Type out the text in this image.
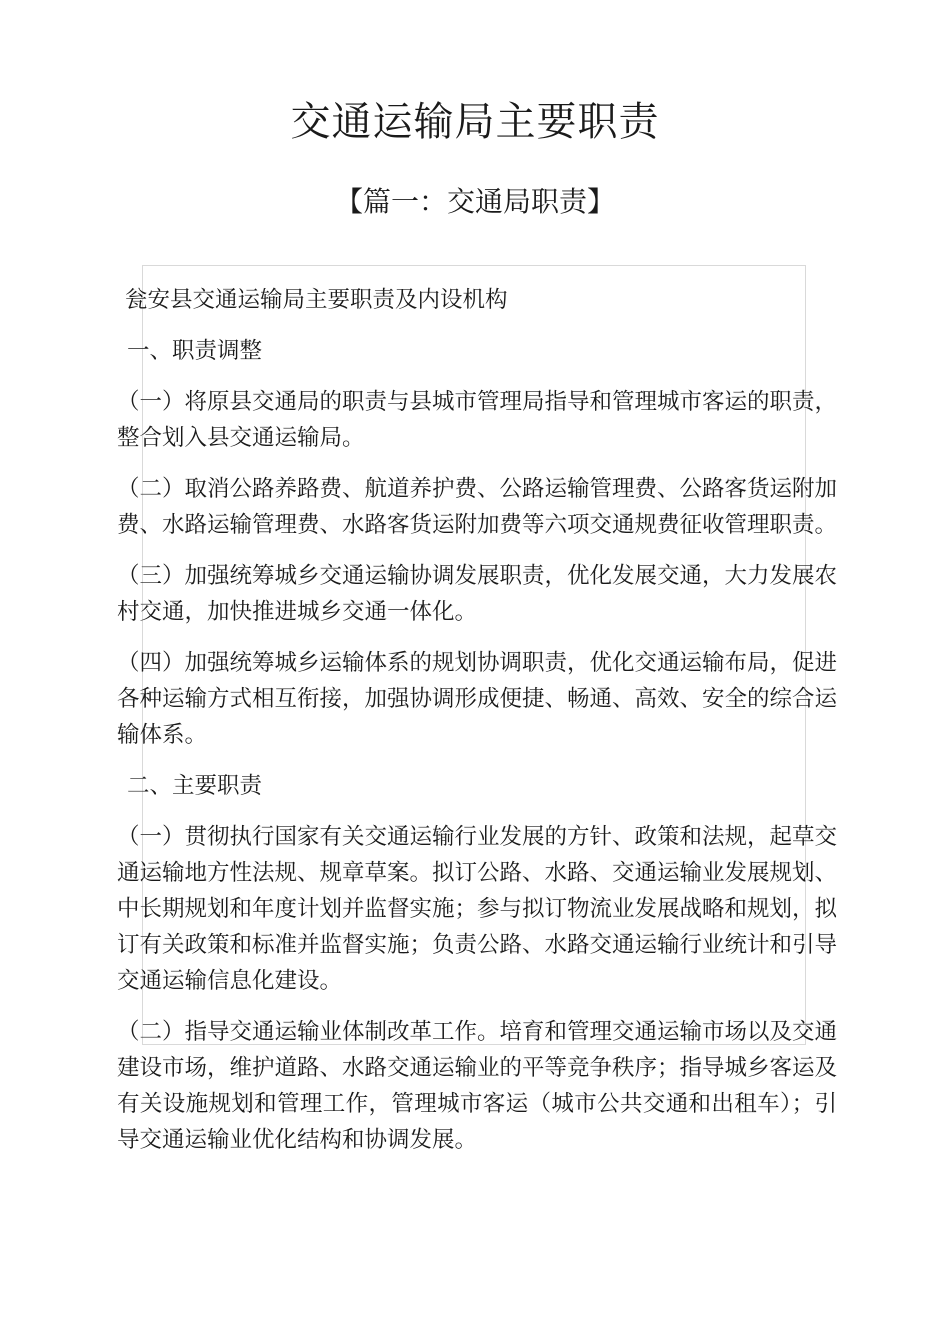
交通运输局主要职责
【篇一：交通局职责】

瓮安县交通运输局主要职责及内设机构

一、职责调整

（一）将原县交通局的职责与县城市管理局指导和管理城市客运的职责，整合划入县交通运输局。

（二）取消公路养路费、航道养护费、公路运输管理费、公路客货运附加费、水路运输管理费、水路客货运附加费等六项交通规费征收管理职责。

（三）加强统筹城乡交通运输协调发展职责，优化发展交通，大力发展农村交通，加快推进城乡交通一体化。

（四）加强统筹城乡运输体系的规划协调职责，优化交通运输布局，促进各种运输方式相互衔接，加强协调形成便捷、畅通、高效、安全的综合运输体系。

二、主要职责

（一）贯彻执行国家有关交通运输行业发展的方针、政策和法规，起草交通运输地方性法规、规章草案。拟订公路、水路、交通运输业发展规划、中长期规划和年度计划并监督实施；参与拟订物流业发展战略和规划，拟订有关政策和标准并监督实施；负责公路、水路交通运输行业统计和引导交通运输信息化建设。

（二）指导交通运输业体制改革工作。培育和管理交通运输市场以及交通建设市场，维护道路、水路交通运输业的平等竞争秩序；指导城乡客运及有关设施规划和管理工作，管理城市客运（城市公共交通和出租车）；引导交通运输业优化结构和协调发展。
